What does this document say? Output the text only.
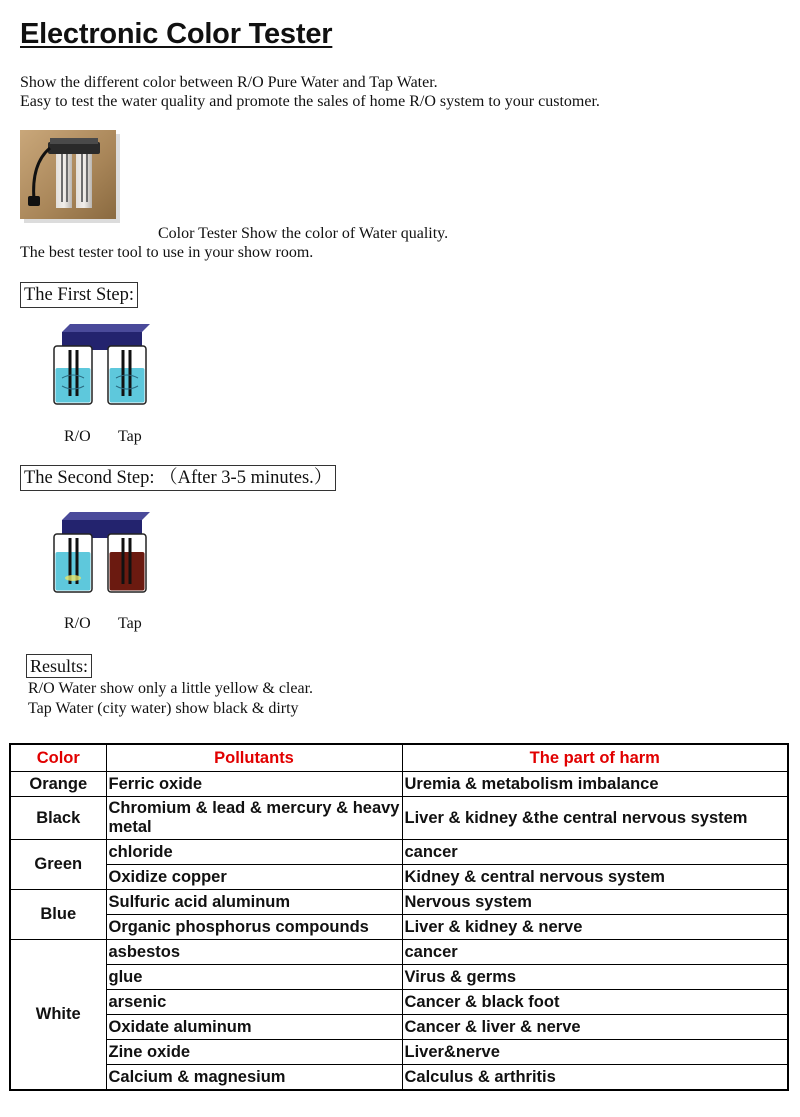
Electronic Color Tester
Show the different color between R/O Pure Water and Tap Water.
Easy to test the water quality and promote the sales of home R/O system to your customer.
Color Tester Show the color of Water quality.
The best tester tool to use in your show room.
The First Step:
R/O Tap
The Second Step: （After 3-5 minutes.）
R/O Tap
Results:
R/O Water show only a little yellow & clear.
Tap Water (city water) show black & dirty
Color	Pollutants	The part of harm
Orange	Ferric oxide	Uremia & metabolism imbalance
Black	Chromium & lead & mercury & heavy metal	Liver & kidney &the central nervous system
Green	chloride	cancer
	Oxidize copper	Kidney & central nervous system
Blue	Sulfuric acid aluminum	Nervous system
	Organic phosphorus compounds	Liver & kidney & nerve
White	asbestos	cancer
	glue	Virus & germs
	arsenic	Cancer & black foot
	Oxidate aluminum	Cancer & liver & nerve
	Zine oxide	Liver&nerve
	Calcium & magnesium	Calculus & arthritis
